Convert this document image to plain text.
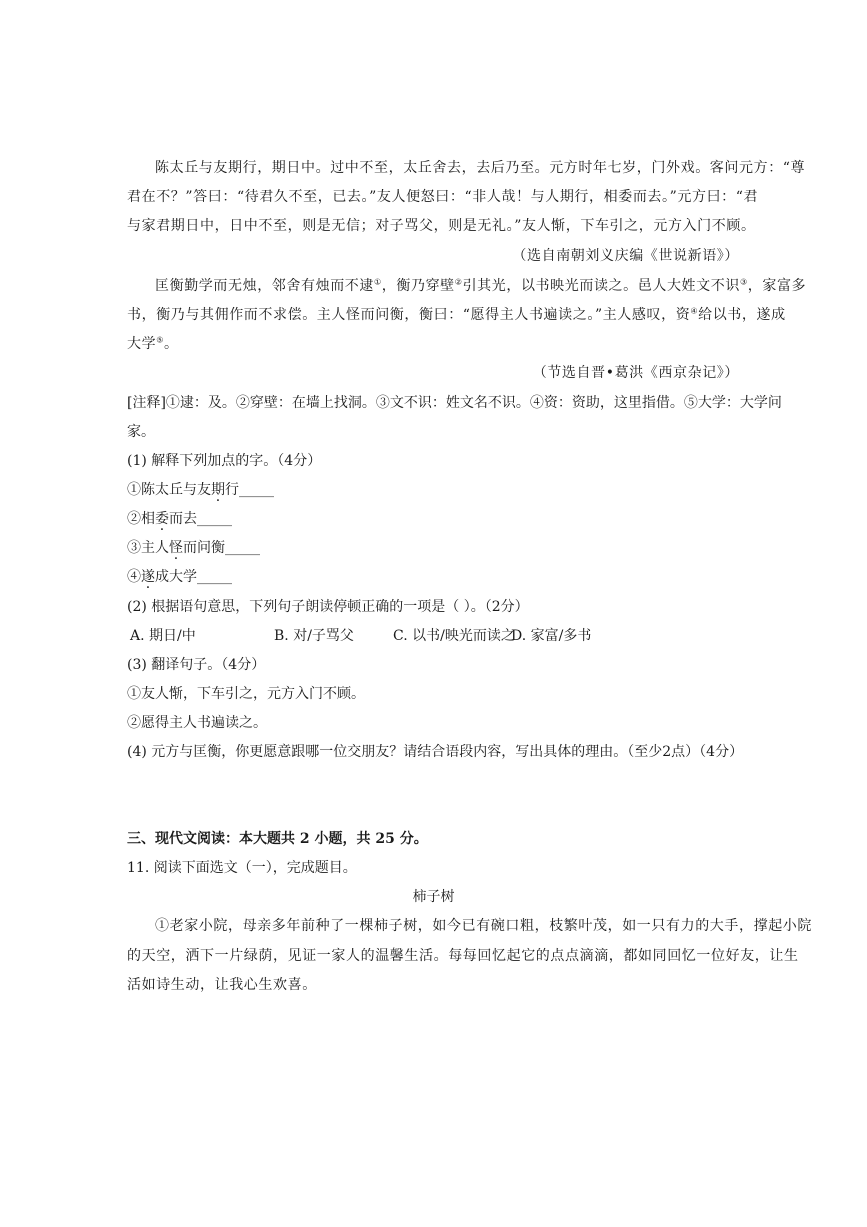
陈太丘与友期行，期日中。过中不至，太丘舍去，去后乃至。元方时年七岁，门外戏。客问元方：“尊
君在不？”答曰：“待君久不至，已去。”友人便怒曰：“非人哉！与人期行，相委而去。”元方曰：“君
与家君期日中，日中不至，则是无信；对子骂父，则是无礼。”友人惭，下车引之，元方入门不顾。
（选自南朝刘义庆编《世说新语》）
匡衡勤学而无烛，邻舍有烛而不逮①，衡乃穿壁②引其光，以书映光而读之。邑人大姓文不识③，家富多
书，衡乃与其佣作而不求偿。主人怪而问衡，衡曰：“愿得主人书遍读之。”主人感叹，资④给以书，遂成
大学⑤。
（节选自晋•葛洪《西京杂记》）
[注释]①逮：及。②穿壁：在墙上找洞。③文不识：姓文名不识。④资：资助，这里指借。⑤大学：大学问
家。
(1) 解释下列加点的字。（4分）
①陈太丘与友期行_____
②相委而去_____
③主人怪而问衡_____
④遂成大学_____
(2) 根据语句意思，下列句子朗读停顿正确的一项是（ ）。（2分）
A. 期日/中	B. 对/子骂父	C. 以书/映光而读之
D. 家富/多书
(3) 翻译句子。（4分）
①友人惭，下车引之，元方入门不顾。
②愿得主人书遍读之。
(4) 元方与匡衡，你更愿意跟哪一位交朋友？请结合语段内容，写出具体的理由。（至少2点）（4分）
三、现代文阅读：本大题共 2 小题，共 25 分。
11. 阅读下面选文（一），完成题目。
柿子树
①老家小院，母亲多年前种了一棵柿子树，如今已有碗口粗，枝繁叶茂，如一只有力的大手，撑起小院
的天空，洒下一片绿荫，见证一家人的温馨生活。每每回忆起它的点点滴滴，都如同回忆一位好友，让生
活如诗生动，让我心生欢喜。
